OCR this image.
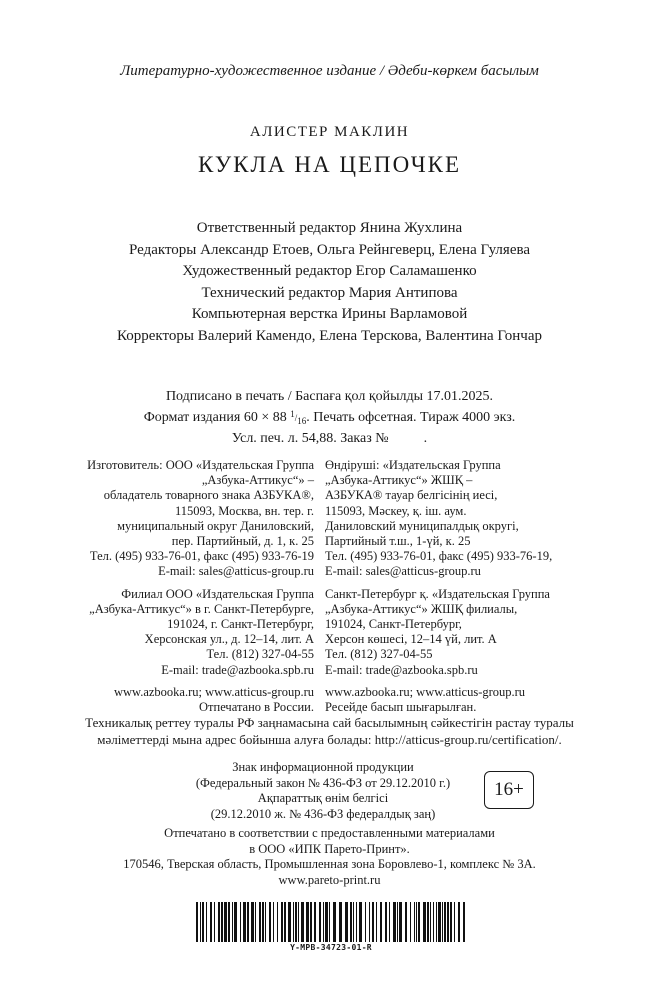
Литературно-художественное издание / Әдеби-көркем басылым
АЛИСТЕР МАКЛИН
КУКЛА НА ЦЕПОЧКЕ
Ответственный редактор Янина Жухлина
Редакторы Александр Етоев, Ольга Рейнгеверц, Елена Гуляева
Художественный редактор Егор Саламашенко
Технический редактор Мария Антипова
Компьютерная верстка Ирины Варламовой
Корректоры Валерий Камендо, Елена Терскова, Валентина Гончар
Подписано в печать / Баспаға қол қойылды 17.01.2025.
Формат издания 60 × 88 $^1/_{16}$. Печать офсетная. Тираж 4000 экз.
Усл. печ. л. 54,88. Заказ №          .
Изготовитель: ООО «Издательская Группа
„Азбука-Аттикус“» –
обладатель товарного знака АЗБУКА®,
115093, Москва, вн. тер. г.
муниципальный округ Даниловский,
пер. Партийный, д. 1, к. 25
Тел. (495) 933-76-01, факс (495) 933-76-19
E-mail: sales@atticus-group.ru
Филиал ООО «Издательская Группа
„Азбука-Аттикус“» в г. Санкт-Петербурге,
191024, г. Санкт-Петербург,
Херсонская ул., д. 12–14, лит. А
Тел. (812) 327-04-55
E-mail: trade@azbooka.spb.ru
www.azbooka.ru; www.atticus-group.ru
Отпечатано в России.
Өндіруші: «Издательская Группа
„Азбука-Аттикус“» ЖШҚ –
АЗБУКА® тауар белгісінің иесі,
115093, Мәскеу, қ. іш. аум.
Даниловский муниципалдық округі,
Партийный т.ш., 1-үй, к. 25
Тел. (495) 933-76-01, факс (495) 933-76-19,
E-mail: sales@atticus-group.ru
Санкт-Петербург қ. «Издательская Группа
„Азбука-Аттикус“» ЖШҚ филиалы,
191024, Санкт-Петербург,
Херсон көшесі, 12–14 үй, лит. А
Тел. (812) 327-04-55
E-mail: trade@azbooka.spb.ru
www.azbooka.ru; www.atticus-group.ru
Ресейде басып шығарылған.
Техникалық реттеу туралы РФ заңнамасына сай басылымның сәйкестігін растау туралы
мәліметтерді мына адрес бойынша алуға болады: http://atticus-group.ru/certification/.
Знак информационной продукции
(Федеральный закон № 436-ФЗ от 29.12.2010 г.)
Ақпараттық өнім белгісі
(29.12.2010 ж. № 436-ФЗ федералдық заң)
16+
Отпечатано в соответствии с предоставленными материалами
в ООО «ИПК Парето-Принт».
170546, Тверская область, Промышленная зона Боровлево-1, комплекс № 3А.
www.pareto-print.ru
Y-MPB-34723-01-R
